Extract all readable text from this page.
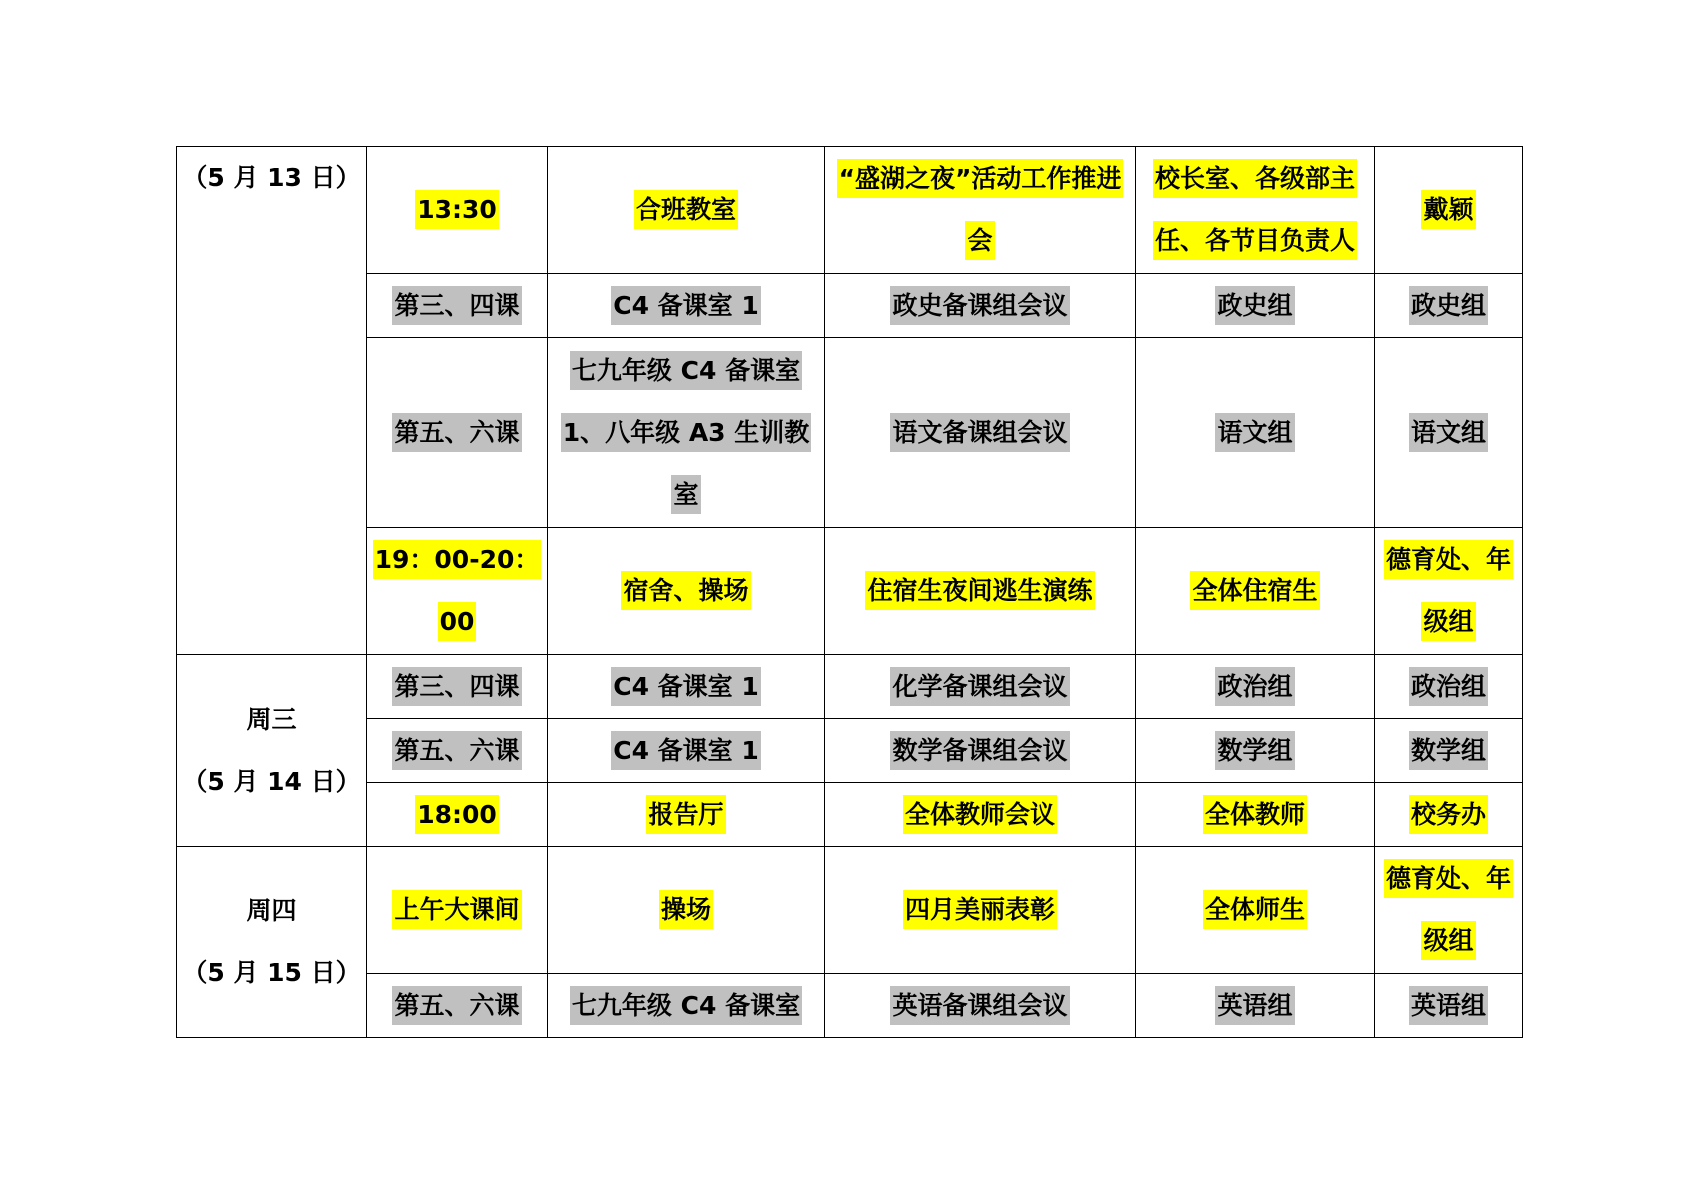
（5 月 13 日）	13:30	合班教室	“盛湖之夜”活动工作推进会	校长室、各级部主任、各节目负责人	戴颖
	第三、四课	C4 备课室 1	政史备课组会议	政史组	政史组
	第五、六课	七九年级 C4 备课室 1、八年级 A3 生训教室	语文备课组会议	语文组	语文组
	19：00-20：00	宿舍、操场	住宿生夜间逃生演练	全体住宿生	德育处、年级组

周三
（5 月 14 日）	第三、四课	C4 备课室 1	化学备课组会议	政治组	政治组
	第五、六课	C4 备课室 1	数学备课组会议	数学组	数学组
	18:00	报告厅	全体教师会议	全体教师	校务办

周四
（5 月 15 日）	上午大课间	操场	四月美丽表彰	全体师生	德育处、年级组
	第五、六课	七九年级 C4 备课室	英语备课组会议	英语组	英语组
